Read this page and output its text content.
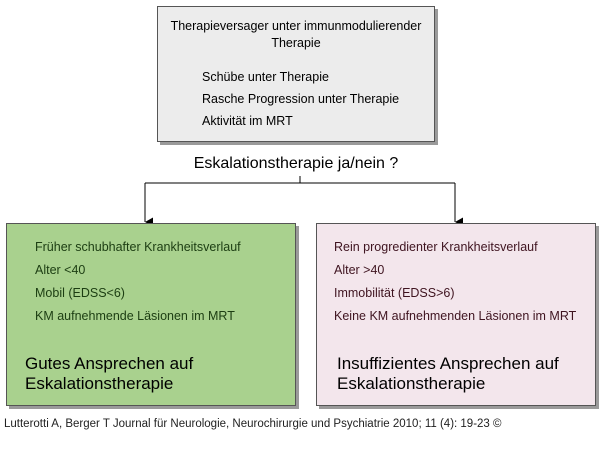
Therapieversager unter immunmodulierender
Therapie
Schübe unter Therapie
Rasche Progression unter Therapie
Aktivität im MRT
Eskalationstherapie ja/nein ?
Früher schubhafter Krankheitsverlauf
Alter <40
Mobil (EDSS<6)
KM aufnehmende Läsionen im MRT
Gutes Ansprechen auf
Eskalationstherapie
Rein progredienter Krankheitsverlauf
Alter >40
Immobilität (EDSS>6)
Keine KM aufnehmenden Läsionen im MRT
Insuffizientes Ansprechen auf
Eskalationstherapie
Lutterotti A, Berger T Journal für Neurologie, Neurochirurgie und Psychiatrie 2010; 11 (4): 19-23 ©
